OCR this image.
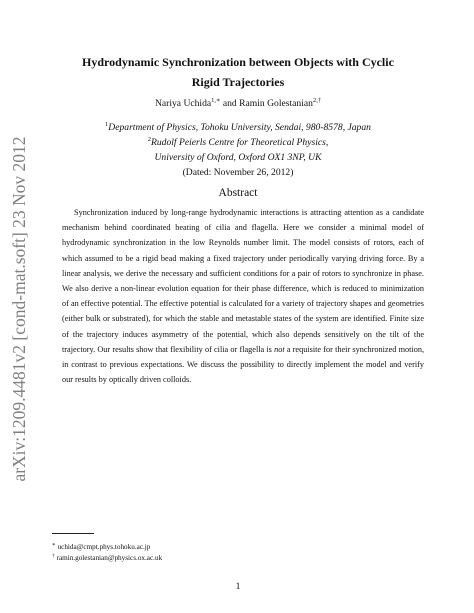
arXiv:1209.4481v2 [cond-mat.soft] 23 Nov 2012
Hydrodynamic Synchronization between Objects with Cyclic
Rigid Trajectories
Nariya Uchida$^{1,∗}$ and Ramin Golestanian$^{2,\dagger}$
$^1$Department of Physics, Tohoku University, Sendai, 980-8578, Japan
$^2$Rudolf Peierls Centre for Theoretical Physics,
University of Oxford, Oxford OX1 3NP, UK
(Dated: November 26, 2012)
Abstract

Synchronization induced by long-range hydrodynamic interactions is attracting attention as a candidate mechanism behind coordinated beating of cilia and flagella. Here we consider a minimal model of hydrodynamic synchronization in the low Reynolds number limit. The model consists of rotors, each of which assumed to be a rigid bead making a fixed trajectory under periodically varying driving force. By a linear analysis, we derive the necessary and sufficient conditions for a pair of rotors to synchronize in phase. We also derive a non-linear evolution equation for their phase difference, which is reduced to minimization of an effective potential. The effective potential is calculated for a variety of trajectory shapes and geometries (either bulk or substrated), for which the stable and metastable states of the system are identified. Finite size of the trajectory induces asymmetry of the potential, which also depends sensitively on the tilt of the trajectory. Our results show that flexibility of cilia or flagella is not a requisite for their synchronized motion, in contrast to previous expectations. We discuss the possibility to directly implement the model and verify our results by optically driven colloids.

∗ uchida@cmpt.phys.tohoku.ac.jp
† ramin.golestanian@physics.ox.ac.uk
1
